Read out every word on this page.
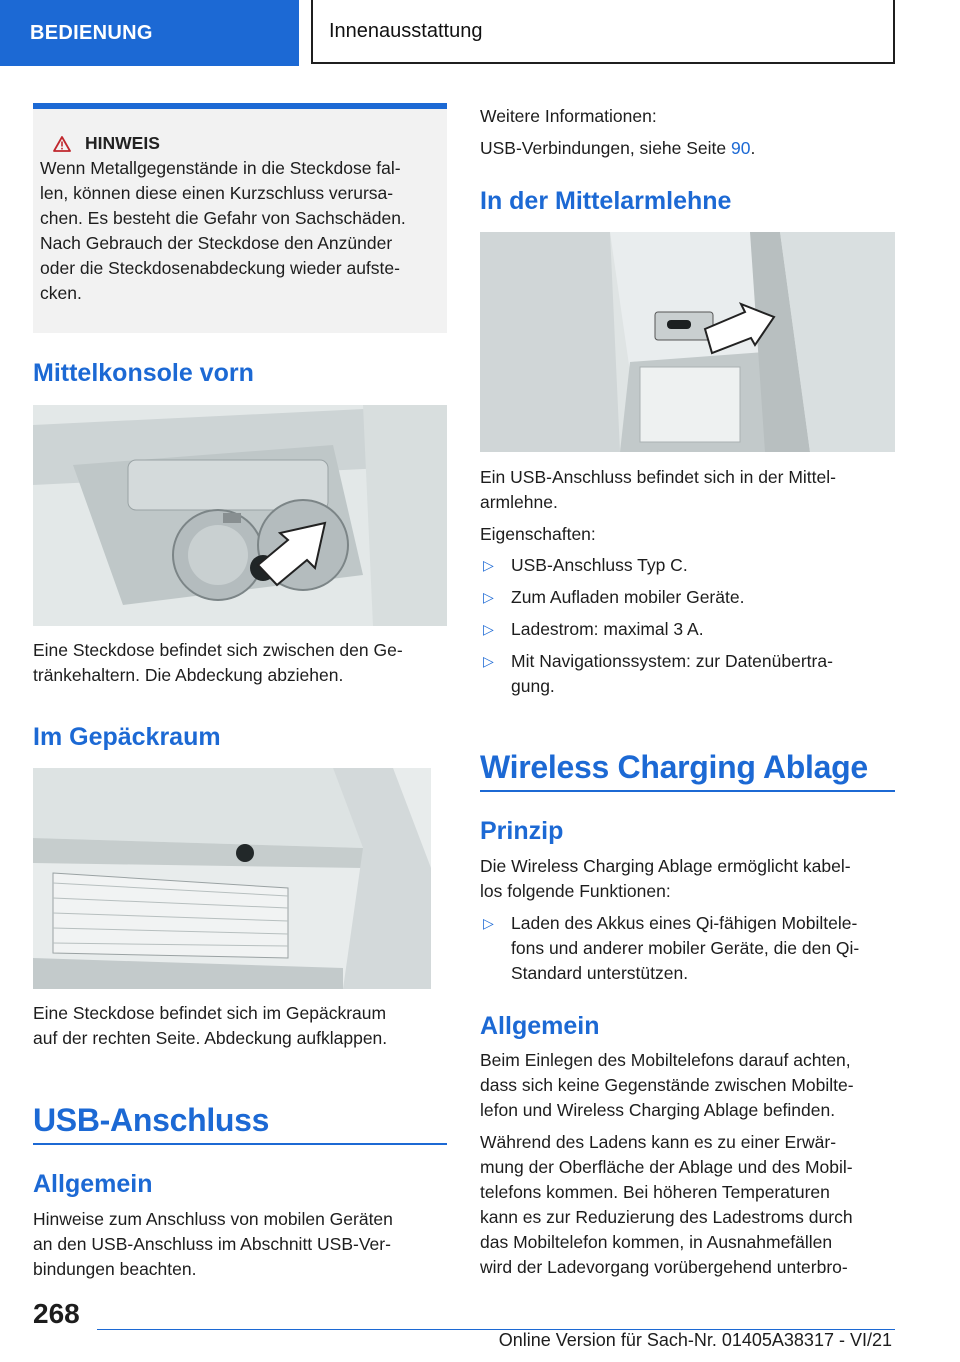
BEDIENUNG	Innenausstattung
HINWEIS

Wenn Metallgegenstände in die Steckdose fal-

len, können diese einen Kurzschluss verursa-

chen. Es besteht die Gefahr von Sachschäden.

Nach Gebrauch der Steckdose den Anzünder

oder die Steckdosenabdeckung wieder aufste-

cken.

Mittelkonsole vorn

Eine Steckdose befindet sich zwischen den Ge-

tränkehaltern. Die Abdeckung abziehen.

Im Gepäckraum

Eine Steckdose befindet sich im Gepäckraum

auf der rechten Seite. Abdeckung aufklappen.

USB-Anschluss
Allgemein

Hinweise zum Anschluss von mobilen Geräten

an den USB-Anschluss im Abschnitt USB-Ver-

bindungen beachten.

Weitere Informationen:

USB-Verbindungen, siehe Seite 90.

In der Mittelarmlehne

Ein USB-Anschluss befindet sich in der Mittel-

armlehne.

Eigenschaften:

▷ USB-Anschluss Typ C.

▷ Zum Aufladen mobiler Geräte.

▷ Ladestrom: maximal 3 A.

▷ Mit Navigationssystem: zur Datenübertra-

gung.

Wireless Charging Ablage
Prinzip

Die Wireless Charging Ablage ermöglicht kabel-

los folgende Funktionen:

▷ Laden des Akkus eines Qi-fähigen Mobiltele-

fons und anderer mobiler Geräte, die den Qi-

Standard unterstützen.

Allgemein

Beim Einlegen des Mobiltelefons darauf achten,

dass sich keine Gegenstände zwischen Mobilte-

lefon und Wireless Charging Ablage befinden.

Während des Ladens kann es zu einer Erwär-

mung der Oberfläche der Ablage und des Mobil-

telefons kommen. Bei höheren Temperaturen

kann es zur Reduzierung des Ladestroms durch

das Mobiltelefon kommen, in Ausnahmefällen

wird der Ladevorgang vorübergehend unterbro-

268
Online Version für Sach-Nr. 01405A38317 - VI/21
